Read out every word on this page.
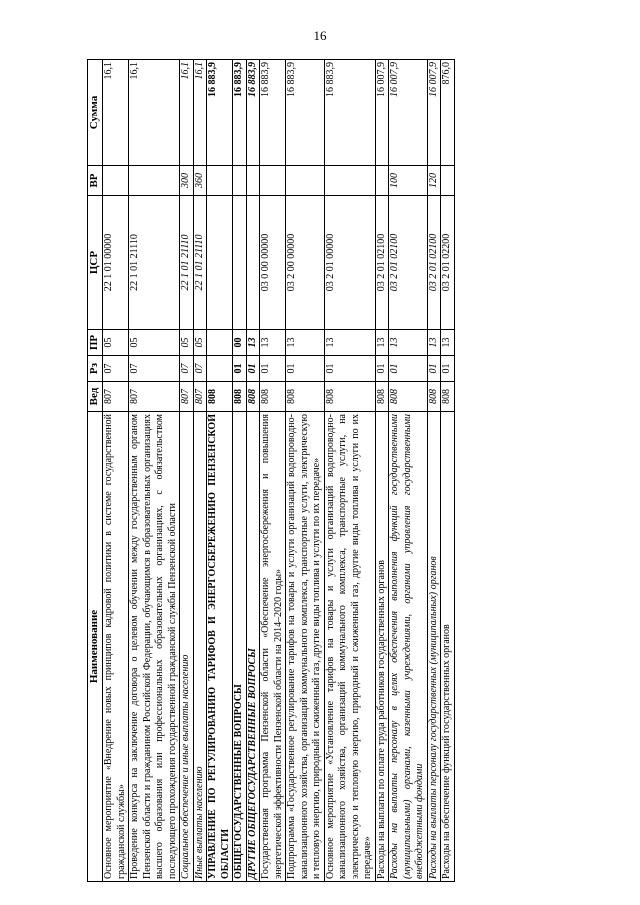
16
Наименование	Вед	Рз	ПР	ЦСР	ВР	Сумма
Основное мероприятие «Внедрение новых принципов кадровой политики в системе государственной гражданской службы»	807	07	05	22 1 01 00000		16,1
Проведение конкурса на заключение договора о целевом обучении между государственным органом Пензенской области и гражданином Российской Федерации, обучающимся в образовательных организациях высшего образования или профессиональных образовательных организациях, с обязательством последующего прохождения государственной гражданской службы Пензенской области	807	07	05	22 1 01 21110		16,1
Социальное обеспечение и иные выплаты населению	807	07	05	22 1 01 21110	300	16,1
Иные выплаты населению	807	07	05	22 1 01 21110	360	16,1
УПРАВЛЕНИЕ ПО РЕГУЛИРОВАНИЮ ТАРИФОВ И ЭНЕРГОСБЕРЕЖЕНИЮ ПЕНЗЕНСКОЙ ОБЛАСТИ	808					16 883,9
ОБЩЕГОСУДАРСТВЕННЫЕ ВОПРОСЫ	808	01	00			16 883,9
ДРУГИЕ ОБЩЕГОСУДАРСТВЕННЫЕ ВОПРОСЫ	808	01	13			16 883,9
Государственная программа Пензенской области «Обеспечение энергосбережения и повышения энергетической эффективности Пензенской области на 2014–2020 годы»	808	01	13	03 0 00 00000		16 883,9
Подпрограмма «Государственное регулирование тарифов на товары и услуги организаций водопроводно-канализационного хозяйства, организаций коммунального комплекса, транспортные услуги, электрическую и тепловую энергию, природный и сжиженный газ, другие виды топлива и услуги по их передаче»	808	01	13	03 2 00 00000		16 883,9
Основное мероприятие «Установление тарифов на товары и услуги организаций водопроводно-канализационного хозяйства, организаций коммунального комплекса, транспортные услуги, на электрическую и тепловую энергию, природный и сжиженный газ, другие виды топлива и услуги по их передаче»	808	01	13	03 2 01 00000		16 883,9
Расходы на выплаты по оплате труда работников государственных органов	808	01	13	03 2 01 02100		16 007,9
Расходы на выплаты персоналу в целях обеспечения выполнения функций государственными (муниципальными) органами, казенными учреждениями, органами управления государственными внебюджетными фондами	808	01	13	03 2 01 02100	100	16 007,9
Расходы на выплаты персоналу государственных (муниципальных) органов	808	01	13	03 2 01 02100	120	16 007,9
Расходы на обеспечение функций государственных органов	808	01	13	03 2 01 02200		876,0
